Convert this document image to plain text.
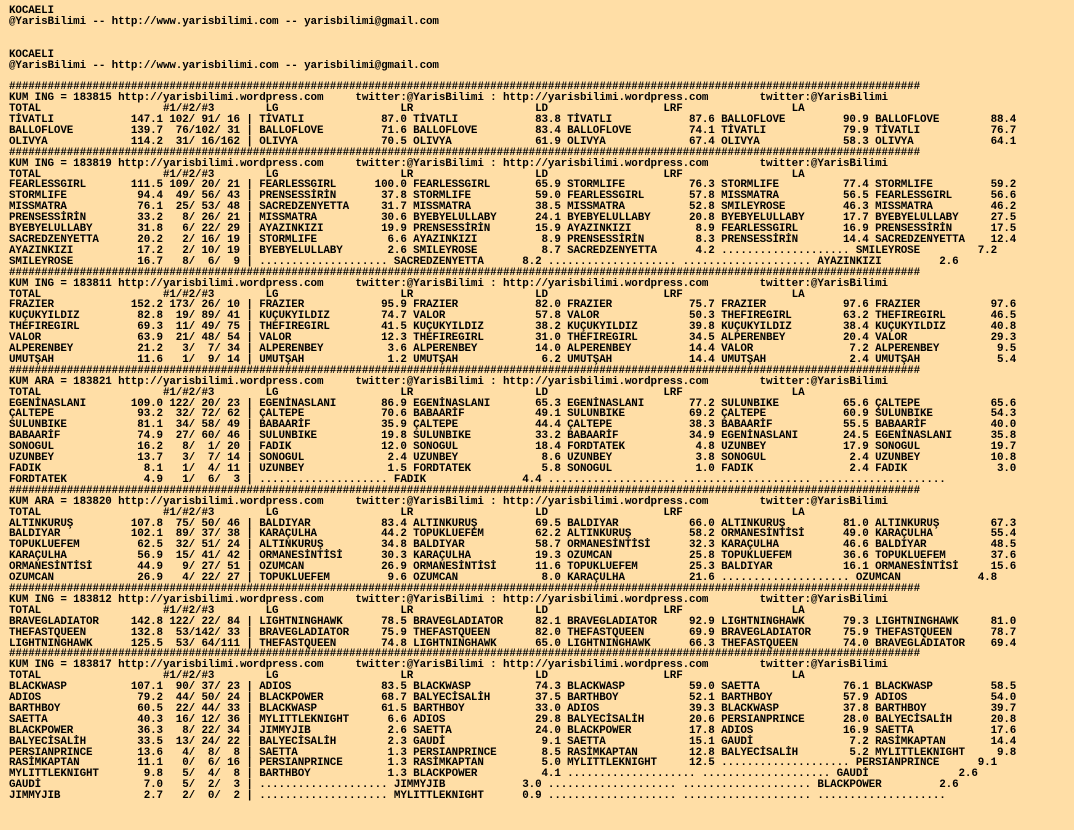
KOCAELI
@YarisBilimi -- http://www.yarisbilimi.com -- yarisbilimi@gmail.com
KOCAELI
@YarisBilimi -- http://www.yarisbilimi.com -- yarisbilimi@gmail.com
##############################################################################################################################################
KUM ING = 183815 http://yarisbilimi.wordpress.com     twitter:@YarisBilimi : http://yarisbilimi.wordpress.com        twitter:@YarisBilimi
TOTAL                   #1/#2/#3        LG                   LR                   LD                  LRF                 LA
TİVATLI            147.1 102/ 91/ 16 | TİVATLI            87.0 TİVATLI            83.8 TİVATLI            87.6 BALLOFLOVE         90.9 BALLOFLOVE        88.4
BALLOFLOVE         139.7  76/102/ 31 | BALLOFLOVE         71.6 BALLOFLOVE         83.4 BALLOFLOVE         74.1 TİVATLI            79.9 TİVATLI           76.7
OLIVYA             114.2  31/ 16/162 | OLIVYA             70.5 OLIVYA             61.9 OLIVYA             67.4 OLIVYA             58.3 OLIVYA            64.1
##############################################################################################################################################
KUM ING = 183819 http://yarisbilimi.wordpress.com     twitter:@YarisBilimi : http://yarisbilimi.wordpress.com        twitter:@YarisBilimi
TOTAL                   #1/#2/#3        LG                   LR                   LD                  LRF                 LA
FEARLESSGIRL       111.5 109/ 20/ 21 | FEARLESSGIRL      100.0 FEARLESSGIRL       65.9 STORMLIFE          76.3 STORMLIFE          77.4 STORMLIFE         59.2
STORMLIFE           94.4  49/ 56/ 43 | PRENSESSİRİN       37.8 STORMLIFE          59.0 FEARLESSGIRL       57.8 MISSMATRA          56.5 FEARLESSGIRL      56.6
MISSMATRA           76.1  25/ 53/ 48 | SACREDZENYETTA     31.7 MISSMATRA          38.5 MISSMATRA          52.8 SMILEYROSE         46.3 MISSMATRA         46.2
PRENSESSİRİN        33.2   8/ 26/ 21 | MISSMATRA          30.6 BYEBYELULLABY      24.1 BYEBYELULLABY      20.8 BYEBYELULLABY      17.7 BYEBYELULLABY     27.5
BYEBYELULLABY       31.8   6/ 22/ 29 | AYAZINKIZI         19.9 PRENSESSİRİN       15.9 AYAZINKIZI          8.9 FEARLESSGIRL       16.9 PRENSESSİRİN      17.5
SACREDZENYETTA      20.2   2/ 16/ 19 | STORMLIFE           6.6 AYAZINKIZI          8.9 PRENSESSİRİN        8.3 PRENSESSİRİN       14.4 SACREDZENYETTA    12.4
AYAZINKIZI          17.2   2/ 10/ 19 | BYEBYELULLABY       2.6 SMILEYROSE          8.7 SACREDZENYETTA      4.2 .................... SMILEYROSE         7.2
SMILEYROSE          16.7   8/  6/  9 | .................... SACREDZENYETTA      8.2 .................... .................... AYAZINKIZI         2.6
##############################################################################################################################################
KUM ING = 183811 http://yarisbilimi.wordpress.com     twitter:@YarisBilimi : http://yarisbilimi.wordpress.com        twitter:@YarisBilimi
TOTAL                   #1/#2/#3        LG                   LR                   LD                  LRF                 LA
FRAZIER            152.2 173/ 26/ 10 | FRAZIER            95.9 FRAZIER            82.0 FRAZIER            75.7 FRAZIER            97.6 FRAZIER           97.6
KUÇUKYILDIZ         82.8  19/ 89/ 41 | KUÇUKYILDIZ        74.7 VALOR              57.8 VALOR              50.3 THEFIREGIRL        63.2 THEFIREGIRL       46.5
THEFIREGIRL         69.3  11/ 49/ 75 | THEFIREGIRL        41.5 KUÇUKYILDIZ        38.2 KUÇUKYILDIZ        39.8 KUÇUKYILDIZ        38.4 KUÇUKYILDIZ       40.8
VALOR               63.9  21/ 48/ 54 | VALOR              12.3 THEFIREGIRL        31.0 THEFIREGIRL        34.5 ALPERENBEY         20.4 VALOR             29.3
ALPERENBEY          21.2   3/  7/ 34 | ALPERENBEY          3.6 ALPERENBEY         14.0 ALPERENBEY         14.4 VALOR               7.2 ALPERENBEY         9.5
UMUTŞAH             11.6   1/  9/ 14 | UMUTŞAH             1.2 UMUTŞAH             6.2 UMUTŞAH            14.4 UMUTŞAH             2.4 UMUTŞAH            5.4
##############################################################################################################################################
KUM ARA = 183821 http://yarisbilimi.wordpress.com     twitter:@YarisBilimi : http://yarisbilimi.wordpress.com        twitter:@YarisBilimi
TOTAL                   #1/#2/#3        LG                   LR                   LD                  LRF                 LA
EGENİNASLANI       109.0 122/ 20/ 23 | EGENİNASLANI       86.9 EGENİNASLANI       65.3 EGENİNASLANI       77.2 SULUNBIKE          65.6 ÇALTEPE           65.6
ÇALTEPE             93.2  32/ 72/ 62 | ÇALTEPE            70.6 BABAARİF           49.1 SULUNBIKE          69.2 ÇALTEPE            60.9 SULUNBIKE         54.3
SULUNBIKE           81.1  34/ 58/ 49 | BABAARİF           35.9 ÇALTEPE            44.4 ÇALTEPE            38.3 BABAARİF           55.5 BABAARİF          40.0
BABAARİF            74.9  27/ 60/ 46 | SULUNBIKE          19.8 SULUNBIKE          33.2 BABAARİF           34.9 EGENİNASLANI       24.5 EGENİNASLANI      35.8
SONOGUL             16.2   8/  1/ 20 | FADIK              12.0 SONOGUL            18.4 FORDTATEK           4.8 UZUNBEY            17.9 SONOGUL           19.7
UZUNBEY             13.7   3/  7/ 14 | SONOGUL             2.4 UZUNBEY             8.6 UZUNBEY             3.8 SONOGUL             2.4 UZUNBEY           10.8
FADIK                8.1   1/  4/ 11 | UZUNBEY             1.5 FORDTATEK           5.8 SONOGUL             1.0 FADIK               2.4 FADIK              3.0
FORDTATEK            4.9   1/  6/  3 | .................... FADIK               4.4 .................... .................... ....................
##############################################################################################################################################
KUM ARA = 183820 http://yarisbilimi.wordpress.com     twitter:@YarisBilimi : http://yarisbilimi.wordpress.com        twitter:@YarisBilimi
TOTAL                   #1/#2/#3        LG                   LR                   LD                  LRF                 LA
ALTINKURUŞ         107.8  75/ 50/ 46 | BALDIYAR           83.4 ALTINKURUŞ         69.5 BALDIYAR           66.0 ALTINKURUŞ         81.0 ALTINKURUŞ        67.3
BALDIYAR           102.1  89/ 37/ 38 | KARAÇULHA          44.2 TOPUKLUEFEM        62.2 ALTINKURUŞ         58.2 ORMANESİNTİSİ      49.0 KARAÇULHA         55.4
TOPUKLUEFEM         62.5  32/ 51/ 24 | ALTINKURUŞ         34.8 BALDIYAR           58.7 ORMANESİNTİSİ      32.3 KARAÇULHA          46.6 BALDIYAR          48.5
KARAÇULHA           56.9  15/ 41/ 42 | ORMANESİNTİSİ      30.3 KARAÇULHA          19.3 OZUMCAN            25.8 TOPUKLUEFEM        36.6 TOPUKLUEFEM       37.6
ORMANESİNTİSİ       44.9   9/ 27/ 51 | OZUMCAN            26.9 ORMANESİNTİSİ      11.6 TOPUKLUEFEM        25.3 BALDIYAR           16.1 ORMANESİNTİSİ     15.6
OZUMCAN             26.9   4/ 22/ 27 | TOPUKLUEFEM         9.6 OZUMCAN             8.0 KARAÇULHA          21.6 .................... OZUMCAN            4.8
##############################################################################################################################################
KUM ING = 183812 http://yarisbilimi.wordpress.com     twitter:@YarisBilimi : http://yarisbilimi.wordpress.com        twitter:@YarisBilimi
TOTAL                   #1/#2/#3        LG                   LR                   LD                  LRF                 LA
BRAVEGLADIATOR     142.8 122/ 22/ 84 | LIGHTNINGHAWK      78.5 BRAVEGLADIATOR     82.1 BRAVEGLADIATOR     92.9 LIGHTNINGHAWK      79.3 LIGHTNINGHAWK     81.0
THEFASTQUEEN       132.8  53/142/ 33 | BRAVEGLADIATOR     75.9 THEFASTQUEEN       82.0 THEFASTQUEEN       69.9 BRAVEGLADIATOR     75.9 THEFASTQUEEN      78.7
LIGHTNINGHAWK      125.5  53/ 64/111 | THEFASTQUEEN       74.8 LIGHTNINGHAWK      65.0 LIGHTNINGHAWK      66.3 THEFASTQUEEN       74.0 BRAVEGLADIATOR    69.4
##############################################################################################################################################
KUM ING = 183817 http://yarisbilimi.wordpress.com     twitter:@YarisBilimi : http://yarisbilimi.wordpress.com        twitter:@YarisBilimi
TOTAL                   #1/#2/#3        LG                   LR                   LD                  LRF                 LA
BLACKWASP          107.1  90/ 37/ 23 | ADIOS              83.5 BLACKWASP          74.3 BLACKWASP          59.0 SAETTA             76.1 BLACKWASP         58.5
ADIOS               79.2  44/ 50/ 24 | BLACKPOWER         68.7 BALYECİSALİH       37.5 BARTHBOY           52.1 BARTHBOY           57.9 ADIOS             54.0
BARTHBOY            60.5  22/ 44/ 33 | BLACKWASP          61.5 BARTHBOY           33.0 ADIOS              39.3 BLACKWASP          37.8 BARTHBOY          39.7
SAETTA              40.3  16/ 12/ 36 | MYLITTLEKNIGHT      6.6 ADIOS              29.8 BALYECİSALİH       20.6 PERSIANPRINCE      28.0 BALYECİSALİH      20.8
BLACKPOWER          36.3   8/ 22/ 34 | JIMMYJIB            2.6 SAETTA             24.0 BLACKPOWER         17.8 ADIOS              16.9 SAETTA            17.6
BALYECİSALİH        33.5  13/ 24/ 22 | BALYECİSALİH        2.3 GAUDİ               9.1 SAETTA             15.1 GAUDİ               7.2 RASİMKAPTAN       14.4
PERSIANPRINCE       13.6   4/  8/  8 | SAETTA              1.3 PERSIANPRINCE       8.5 RASİMKAPTAN        12.8 BALYECİSALİH        5.2 MYLITTLEKNIGHT     9.8
RASİMKAPTAN         11.1   0/  6/ 16 | PERSIANPRINCE       1.3 RASİMKAPTAN         5.0 MYLITTLEKNIGHT     12.5 .................... PERSIANPRINCE      9.1
MYLITTLEKNIGHT       9.8   5/  4/  8 | BARTHBOY            1.3 BLACKPOWER          4.1 .................... .................... GAUDİ              2.6
GAUDİ                7.0   5/  2/  3 | .................... JIMMYJIB            3.0 .................... .................... BLACKPOWER         2.6
JIMMYJIB             2.7   2/  0/  2 | .................... MYLITTLEKNIGHT      0.9 .................... .................... ....................
